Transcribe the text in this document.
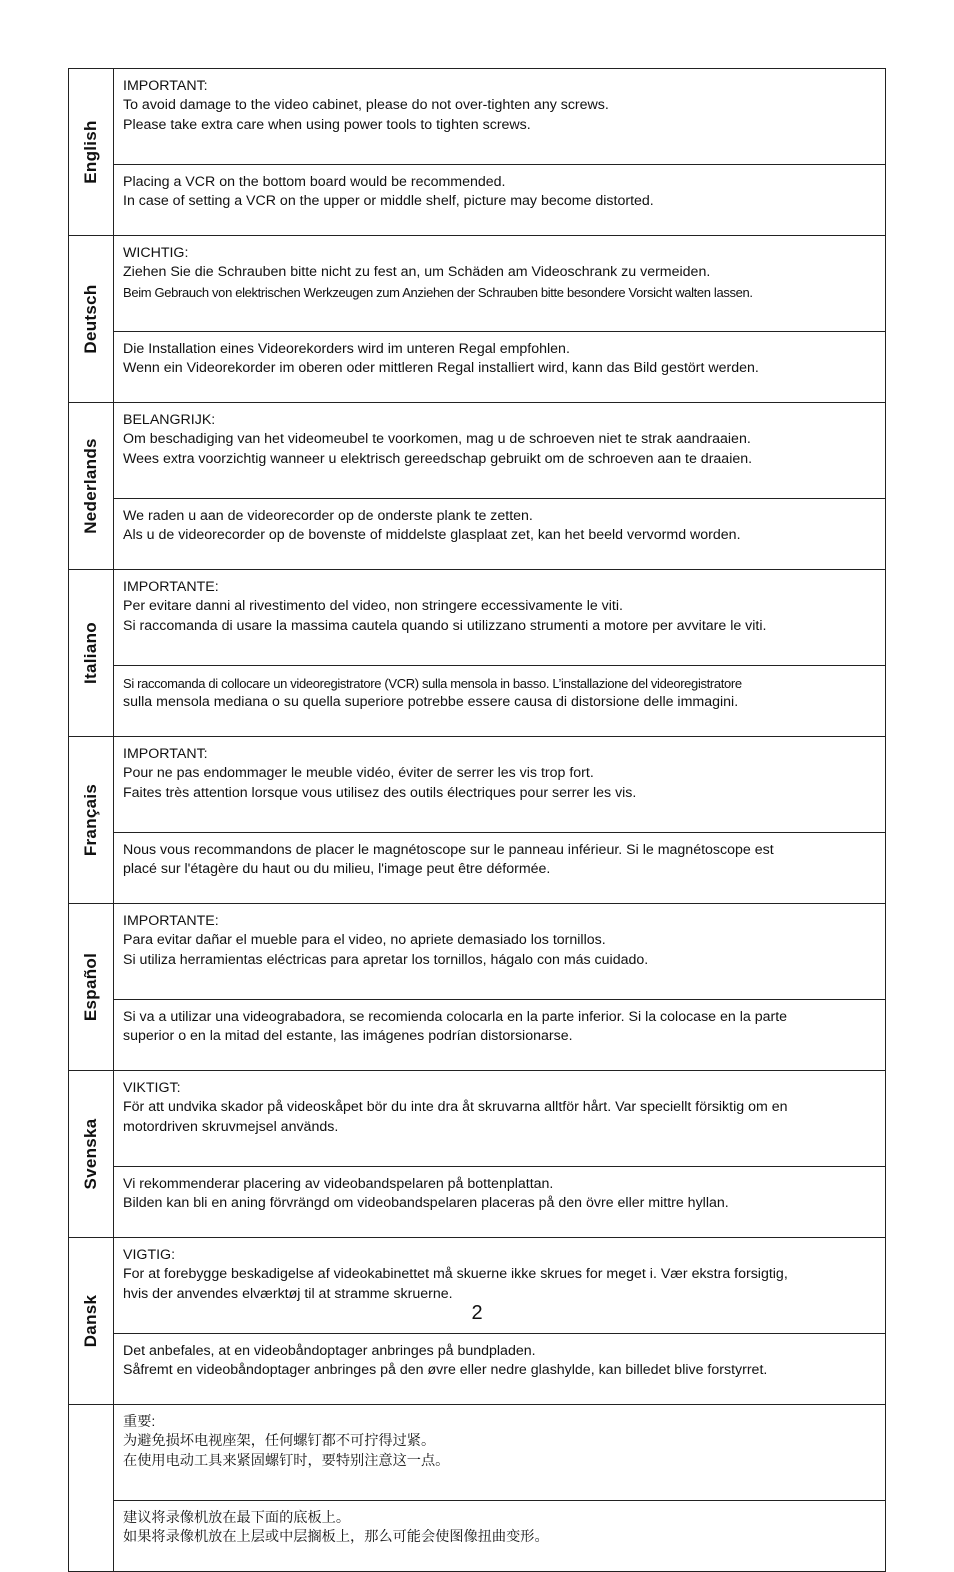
English	IMPORTANT:
To avoid damage to the video cabinet, please do not over-tighten any screws.
Please take extra care when using power tools to tighten screws.

	Placing a VCR on the bottom board would be recommended.
In case of setting a VCR on the upper or middle shelf, picture may become distorted.

Deutsch	WICHTIG:
Ziehen Sie die Schrauben bitte nicht zu fest an, um Schäden am Videoschrank zu vermeiden.
Beim Gebrauch von elektrischen Werkzeugen zum Anziehen der Schrauben bitte besondere Vorsicht walten lassen.

	Die Installation eines Videorekorders wird im unteren Regal empfohlen.
Wenn ein Videorekorder im oberen oder mittleren Regal installiert wird, kann das Bild gestört werden.

Nederlands	BELANGRIJK:
Om beschadiging van het videomeubel te voorkomen, mag u de schroeven niet te strak aandraaien.
Wees extra voorzichtig wanneer u elektrisch gereedschap gebruikt om de schroeven aan te draaien.

	We raden u aan de videorecorder op de onderste plank te zetten.
Als u de videorecorder op de bovenste of middelste glasplaat zet, kan het beeld vervormd worden.

Italiano	IMPORTANTE:
Per evitare danni al rivestimento del video, non stringere eccessivamente le viti.
Si raccomanda di usare la massima cautela quando si utilizzano strumenti a motore per avvitare le viti.

	Si raccomanda di collocare un videoregistratore (VCR) sulla mensola in basso. L’installazione del videoregistratore
sulla mensola mediana o su quella superiore potrebbe essere causa di distorsione delle immagini.

Français	IMPORTANT:
Pour ne pas endommager le meuble vidéo, éviter de serrer les vis trop fort.
Faites très attention lorsque vous utilisez des outils électriques pour serrer les vis.

	Nous vous recommandons de placer le magnétoscope sur le panneau inférieur. Si le magnétoscope est
placé sur l'étagère du haut ou du milieu, l'image peut être déformée.

Español	IMPORTANTE:
Para evitar dañar el mueble para el video, no apriete demasiado los tornillos.
Si utiliza herramientas eléctricas para apretar los tornillos, hágalo con más cuidado.

	Si va a utilizar una videograbadora, se recomienda colocarla en la parte inferior. Si la colocase en la parte
superior o en la mitad del estante, las imágenes podrían distorsionarse.

Svenska	VIKTIGT:
För att undvika skador på videoskåpet bör du inte dra åt skruvarna alltför hårt. Var speciellt försiktig om en
motordriven skruvmejsel används.

	Vi rekommenderar placering av videobandspelaren på bottenplattan.
Bilden kan bli en aning förvrängd om videobandspelaren placeras på den övre eller mittre hyllan.

Dansk	VIGTIG:
For at forebygge beskadigelse af videokabinettet må skuerne ikke skrues for meget i. Vær ekstra forsigtig,
hvis der anvendes elværktøj til at stramme skruerne.

	Det anbefales, at en videobåndoptager anbringes på bundpladen.
Såfremt en videobåndoptager anbringes på den øvre eller nedre glashylde, kan billedet blive forstyrret.

	重要:
为避免损坏电视座架，任何螺钉都不可拧得过紧。
在使用电动工具来紧固螺钉时，要特别注意这一点。

	建议将录像机放在最下面的底板上。
如果将录像机放在上层或中层搁板上，那么可能会使图像扭曲变形。
2
